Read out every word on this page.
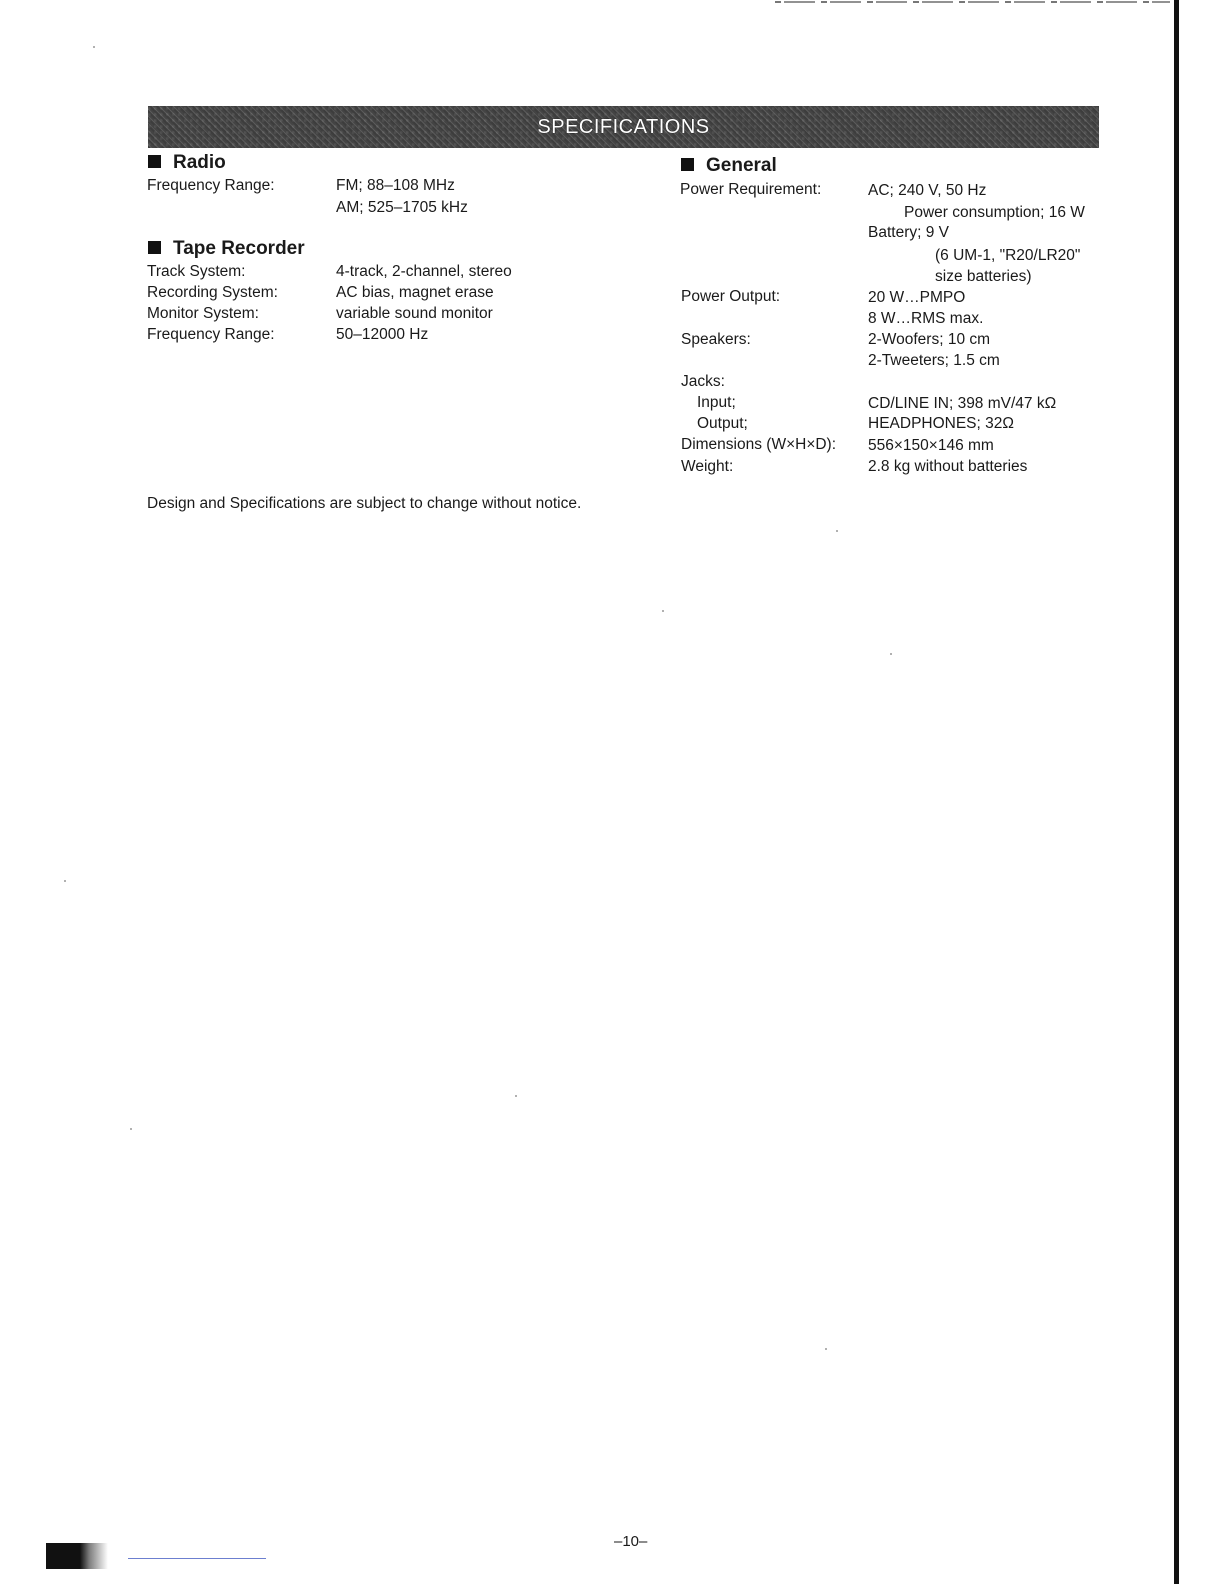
SPECIFICATIONS
Radio
Frequency Range:	FM; 88–108 MHz
AM; 525–1705 kHz
Tape Recorder
Track System:	4-track, 2-channel, stereo
Recording System:	AC bias, magnet erase
Monitor System:	variable sound monitor
Frequency Range:	50–12000 Hz
General
Power Requirement:	AC; 240 V, 50 Hz
Power consumption; 16 W
Battery; 9 V
(6 UM-1, "R20/LR20"
size batteries)
Power Output:	20 W…PMPO
8 W…RMS max.
Speakers:	2-Woofers; 10 cm
2-Tweeters; 1.5 cm
Jacks:
Input;	CD/LINE IN; 398 mV/47 kΩ
Output;	HEADPHONES; 32Ω
Dimensions (W×H×D): 556×150×146 mm
Weight:	2.8 kg without batteries
Design and Specifications are subject to change without notice.
–10–
